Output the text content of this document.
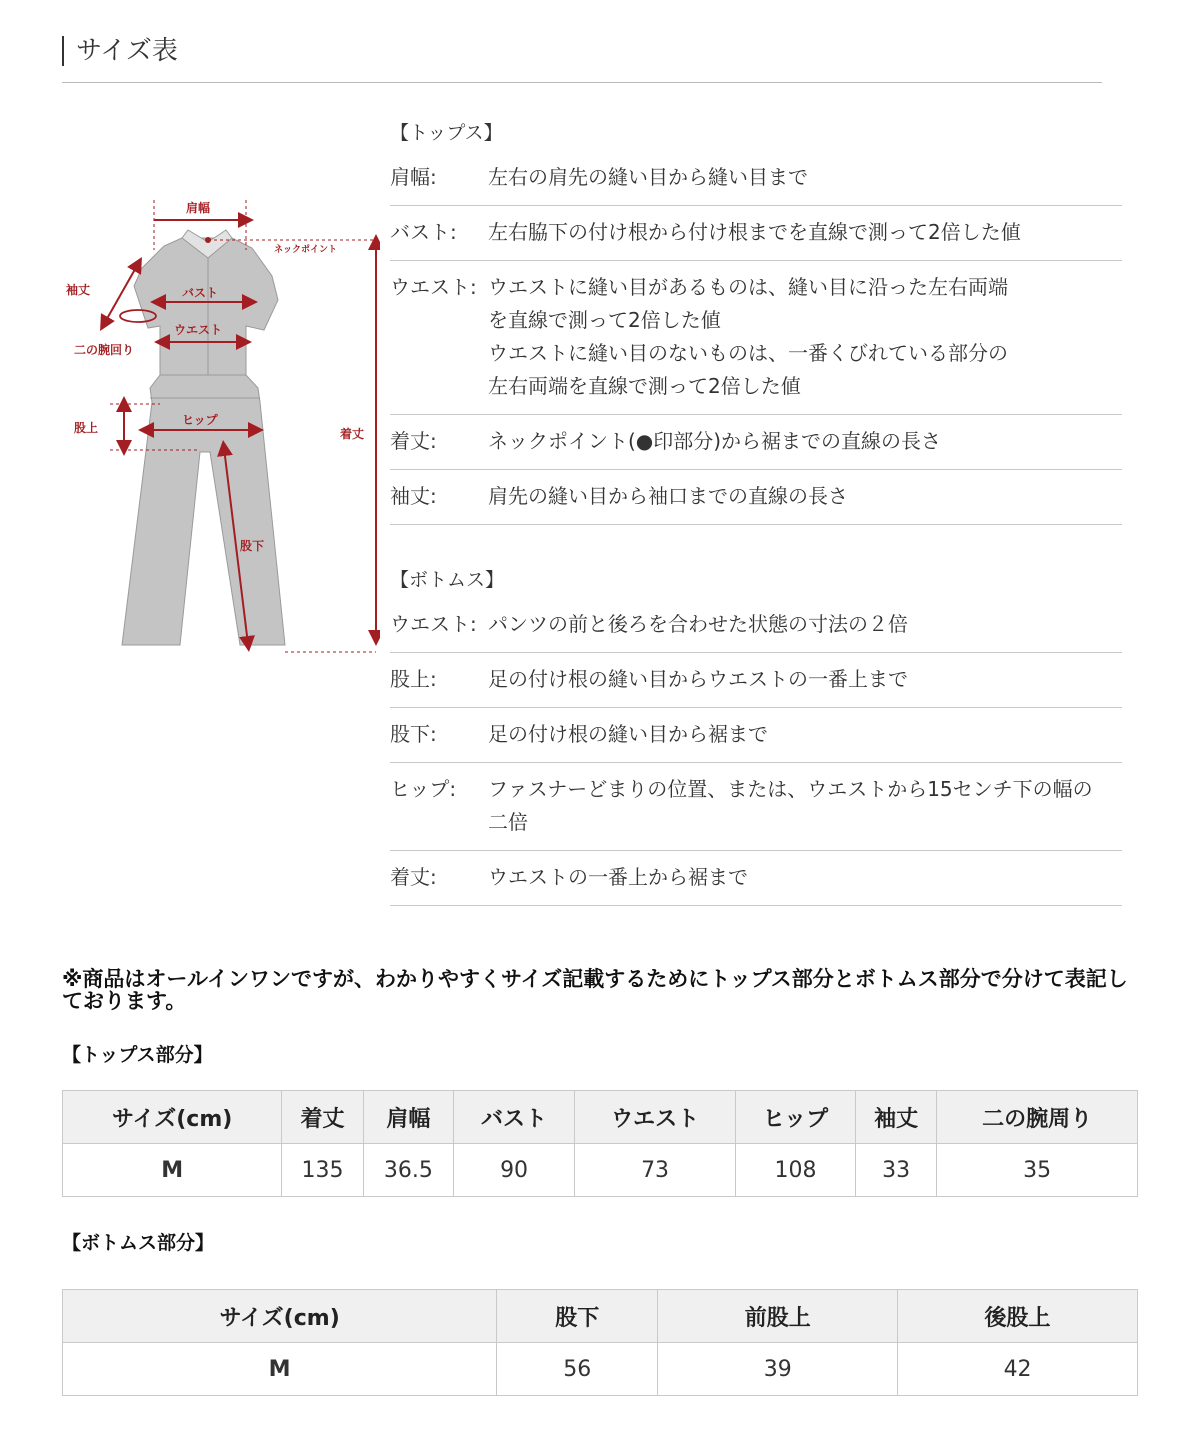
サイズ表
肩幅
ネックポイント
袖丈	バスト
ウエスト
二の腕回り
股上
ヒップ
着丈
股下
【トップス】
肩幅:	左右の肩先の縫い目から縫い目まで
バスト:	左右脇下の付け根から付け根までを直線で測って2倍した値
ウエスト: ウエストに縫い目があるものは、縫い目に沿った左右両端
を直線で測って2倍した値
ウエストに縫い目のないものは、一番くびれている部分の
左右両端を直線で測って2倍した値
着丈:	ネックポイント(●印部分)から裾までの直線の長さ
袖丈:	肩先の縫い目から袖口までの直線の長さ
【ボトムス】
ウエスト: パンツの前と後ろを合わせた状態の寸法の２倍
股上:	足の付け根の縫い目からウエストの一番上まで
股下:	足の付け根の縫い目から裾まで
ヒップ:	ファスナーどまりの位置、または、ウエストから15センチ下の幅の
二倍
着丈:	ウエストの一番上から裾まで
※商品はオールインワンですが、わかりやすくサイズ記載するためにトップス部分とボトムス部分で分けて表記しております。
【トップス部分】
サイズ(cm)	着丈	肩幅	バスト	ウエスト	ヒップ	袖丈	二の腕周り
M	135	36.5	90	73	108	33	35
【ボトムス部分】
サイズ(cm)	股下	前股上	後股上
M	56	39	42
